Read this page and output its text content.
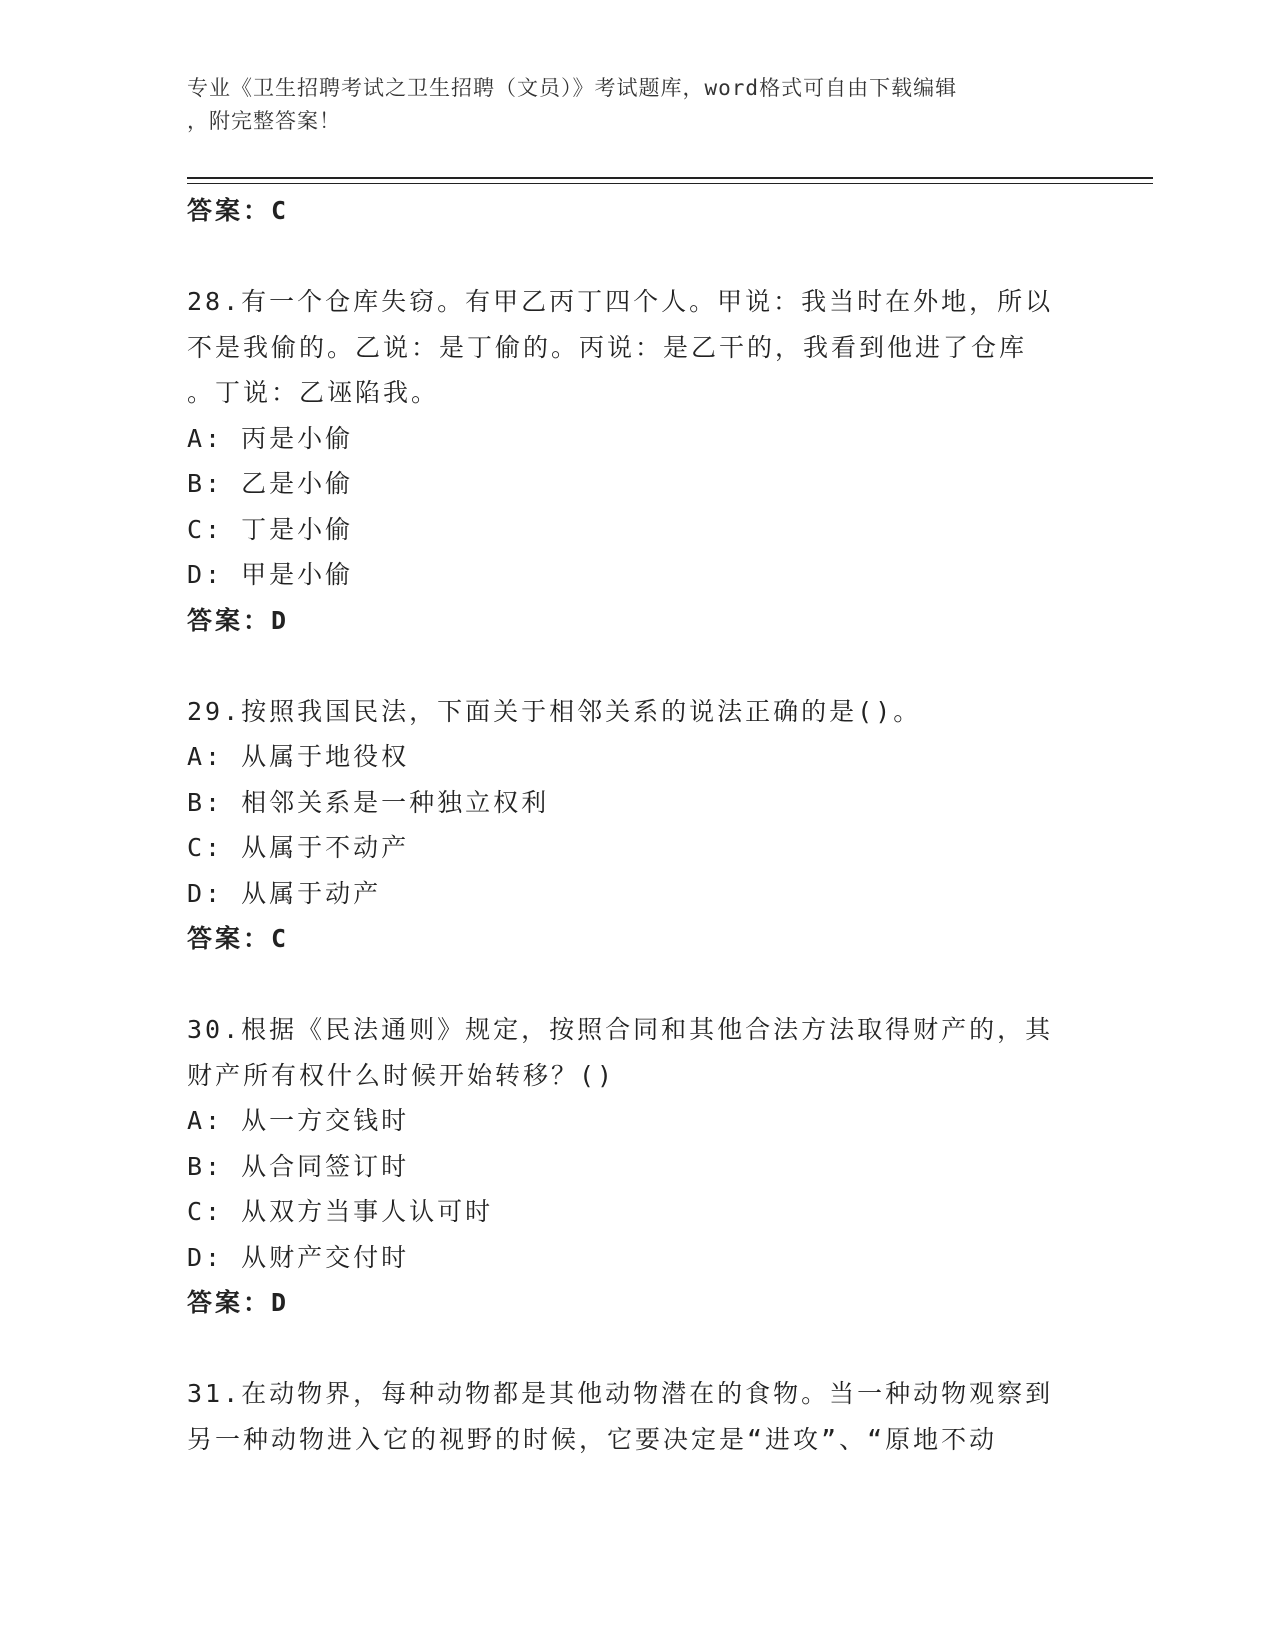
专业《卫生招聘考试之卫生招聘（文员）》考试题库，word格式可自由下载编辑
，附完整答案！
答案：C
28.有一个仓库失窃。有甲乙丙丁四个人。甲说：我当时在外地，所以
不是我偷的。乙说：是丁偷的。丙说：是乙干的，我看到他进了仓库
。丁说：乙诬陷我。
A: 丙是小偷
B: 乙是小偷
C: 丁是小偷
D: 甲是小偷
答案：D
29.按照我国民法，下面关于相邻关系的说法正确的是()。
A: 从属于地役权
B: 相邻关系是一种独立权利
C: 从属于不动产
D: 从属于动产
答案：C
30.根据《民法通则》规定，按照合同和其他合法方法取得财产的，其
财产所有权什么时候开始转移？()
A: 从一方交钱时
B: 从合同签订时
C: 从双方当事人认可时
D: 从财产交付时
答案：D
31.在动物界，每种动物都是其他动物潜在的食物。当一种动物观察到
另一种动物进入它的视野的时候，它要决定是“进攻”、“原地不动
